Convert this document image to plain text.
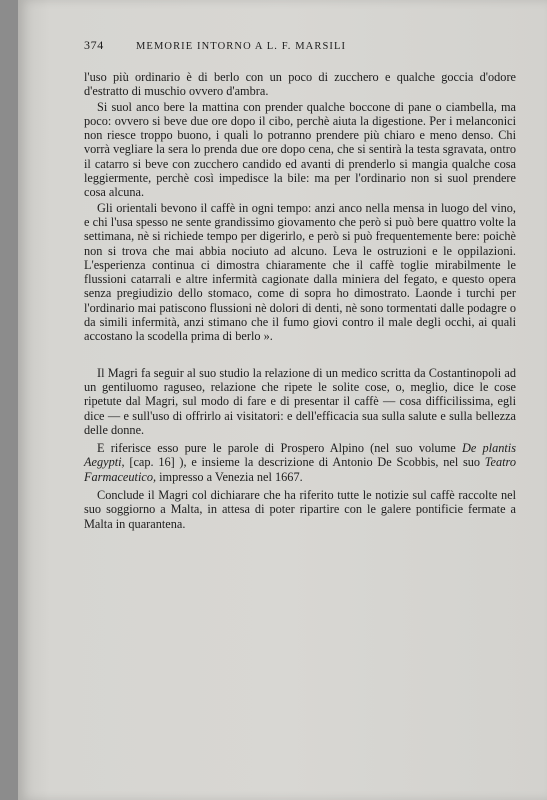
374	MEMORIE INTORNO A L. F. MARSILI

l'uso più ordinario è di berlo con un poco di zucchero e qualche goccia d'odore d'estratto di muschio ovvero d'ambra.

Si suol anco bere la mattina con prender qualche boccone di pane o ciambella, ma poco: ovvero si beve due ore dopo il cibo, perchè aiuta la digestione. Per i melanconici non riesce troppo buono, i quali lo potranno prendere più chiaro e meno denso. Chi vorrà vegliare la sera lo prenda due ore dopo cena, che si sentirà la testa sgravata, ontro il catarro si beve con zucchero candido ed avanti di prenderlo si mangia qualche cosa leggiermente, perchè così impedisce la bile: ma per l'ordinario non si suol prendere cosa alcuna.

Gli orientali bevono il caffè in ogni tempo: anzi anco nella mensa in luogo del vino, e chi l'usa spesso ne sente grandissimo giovamento che però si può bere quattro volte la settimana, nè si richiede tempo per digerirlo, e però si può frequentemente bere: poichè non si trova che mai abbia nociuto ad alcuno. Leva le ostruzioni e le oppilazioni. L'esperienza continua ci dimostra chiaramente che il caffè toglie mirabilmente le flussioni catarrali e altre infermità cagionate dalla miniera del fegato, e questo opera senza pregiudizio dello stomaco, come di sopra ho dimostrato. Laonde i turchi per l'ordinario mai patiscono flussioni nè dolori di denti, nè sono tormentati dalle podagre o da simili infermità, anzi stimano che il fumo giovi contro il male degli occhi, ai quali accostano la scodella prima di berlo ».

Il Magri fa seguir al suo studio la relazione di un medico scritta da Costantinopoli ad un gentiluomo raguseo, relazione che ripete le solite cose, o, meglio, dice le cose ripetute dal Magri, sul modo di fare e di presentar il caffè — cosa difficilissima, egli dice — e sull'uso di offrirlo ai visitatori: e dell'efficacia sua sulla salute e sulla bellezza delle donne.

E riferisce esso pure le parole di Prospero Alpino (nel suo volume De plantis Aegypti, [cap. 16] ), e insieme la descrizione di Antonio De Scobbis, nel suo Teatro Farmaceutico, impresso a Venezia nel 1667.

Conclude il Magri col dichiarare che ha riferito tutte le notizie sul caffè raccolte nel suo soggiorno a Malta, in attesa di poter ripartire con le galere pontificie fermate a Malta in quarantena.
